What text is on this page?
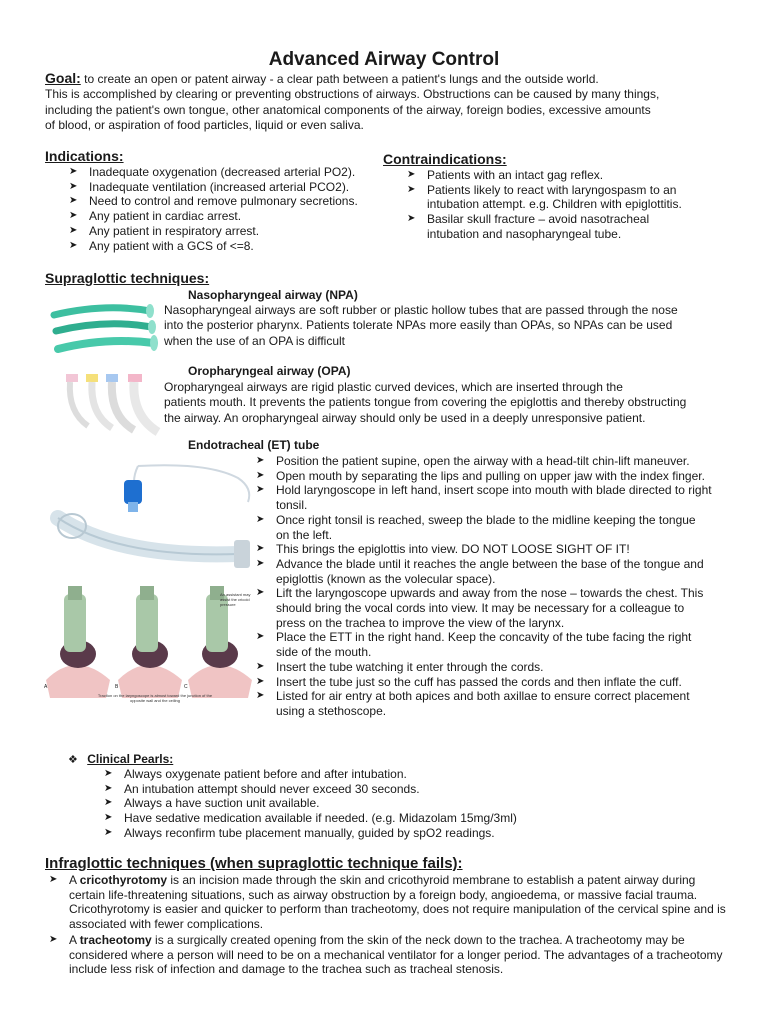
Advanced Airway Control
Goal: to create an open or patent airway - a clear path between a patient's lungs and the outside world.
This is accomplished by clearing or preventing obstructions of airways. Obstructions can be caused by many things,
including the patient's own tongue, other anatomical components of the airway, foreign bodies, excessive amounts
of blood, or aspiration of food particles, liquid or even saliva.
Indications:
➤ Inadequate oxygenation (decreased arterial PO2).
➤ Inadequate ventilation (increased arterial PCO2).
➤ Need to control and remove pulmonary secretions.
➤ Any patient in cardiac arrest.
➤ Any patient in respiratory arrest.
➤ Any patient with a GCS of <=8.
Contraindications:
➤ Patients with an intact gag reflex.
➤ Patients likely to react with laryngospasm to an intubation attempt. e.g. Children with epiglottitis.
➤ Basilar skull fracture – avoid nasotracheal intubation and nasopharyngeal tube.
Supraglottic techniques:
Nasopharyngeal airway (NPA)
Nasopharyngeal airways are soft rubber or plastic hollow tubes that are passed through the nose
into the posterior pharynx. Patients tolerate NPAs more easily than OPAs, so NPAs can be used
when the use of an OPA is difficult
Oropharyngeal airway (OPA)
Oropharyngeal airways are rigid plastic curved devices, which are inserted through the
patients mouth. It prevents the patients tongue from covering the epiglottis and thereby obstructing
the airway. An oropharyngeal airway should only be used in a deeply unresponsive patient.
A	B	C
An assistant may assist the cricoid pressure
Traction on the laryngoscope is almost toward the junction of the opposite wall and the ceiling
Endotracheal (ET) tube
➤ Position the patient supine, open the airway with a head-tilt chin-lift maneuver.
➤ Open mouth by separating the lips and pulling on upper jaw with the index finger.
➤ Hold laryngoscope in left hand, insert scope into mouth with blade directed to right tonsil.
➤ Once right tonsil is reached, sweep the blade to the midline keeping the tongue on the left.
➤ This brings the epiglottis into view. DO NOT LOOSE SIGHT OF IT!
➤ Advance the blade until it reaches the angle between the base of the tongue and epiglottis (known as the volecular space).
➤ Lift the laryngoscope upwards and away from the nose – towards the chest. This should bring the vocal cords into view. It may be necessary for a colleague to press on the trachea to improve the view of the larynx.
➤ Place the ETT in the right hand. Keep the concavity of the tube facing the right side of the mouth.
➤ Insert the tube watching it enter through the cords.
➤ Insert the tube just so the cuff has passed the cords and then inflate the cuff.
➤ Listed for air entry at both apices and both axillae to ensure correct placement using a stethoscope.
❖ Clinical Pearls:
➤ Always oxygenate patient before and after intubation.
➤ An intubation attempt should never exceed 30 seconds.
➤ Always a have suction unit available.
➤ Have sedative medication available if needed. (e.g. Midazolam 15mg/3ml)
➤ Always reconfirm tube placement manually, guided by spO2 readings.
Infraglottic techniques (when supraglottic technique fails):
➤ A cricothyrotomy is an incision made through the skin and cricothyroid membrane to establish a patent airway during certain life-threatening situations, such as airway obstruction by a foreign body, angioedema, or massive facial trauma. Cricothyrotomy is easier and quicker to perform than tracheotomy, does not require manipulation of the cervical spine and is associated with fewer complications.
➤ A tracheotomy is a surgically created opening from the skin of the neck down to the trachea. A tracheotomy may be considered where a person will need to be on a mechanical ventilator for a longer period. The advantages of a tracheotomy include less risk of infection and damage to the trachea such as tracheal stenosis.
